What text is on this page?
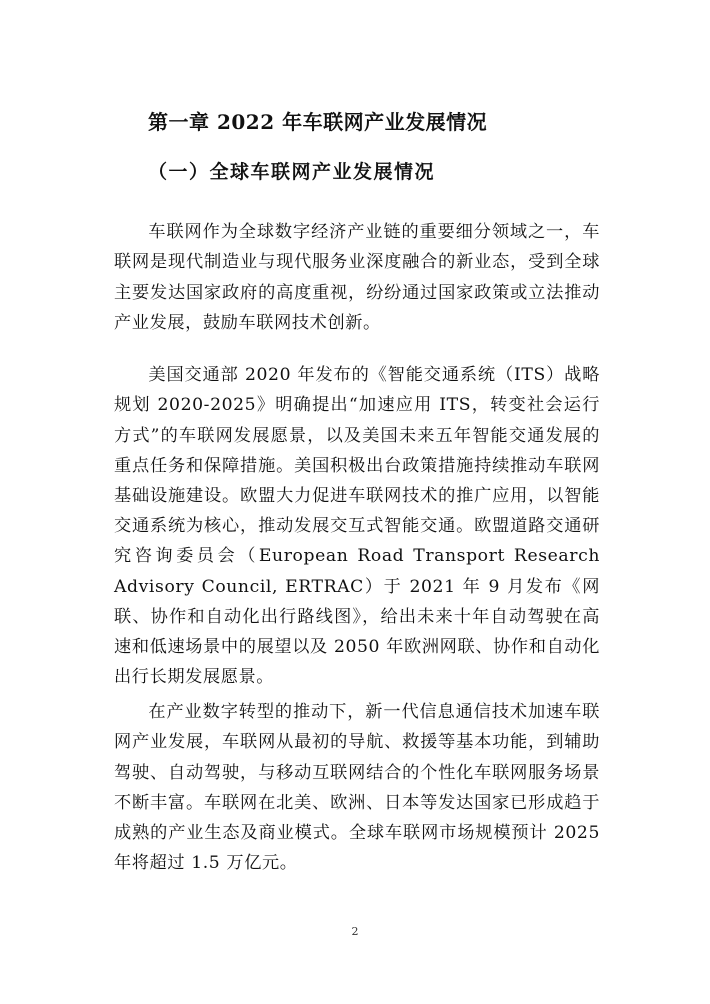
第一章 2022 年车联网产业发展情况
（一）全球车联网产业发展情况

车联网作为全球数字经济产业链的重要细分领域之一，车联网是现代制造业与现代服务业深度融合的新业态，受到全球主要发达国家政府的高度重视，纷纷通过国家政策或立法推动产业发展，鼓励车联网技术创新。

美国交通部 2020 年发布的《智能交通系统（ITS）战略规划 2020-2025》明确提出“加速应用 ITS，转变社会运行方式”的车联网发展愿景，以及美国未来五年智能交通发展的重点任务和保障措施。美国积极出台政策措施持续推动车联网基础设施建设。欧盟大力促进车联网技术的推广应用，以智能交通系统为核心，推动发展交互式智能交通。欧盟道路交通研究咨询委员会（European Road Transport Research Advisory Council, ERTRAC）于 2021 年 9 月发布《网联、协作和自动化出行路线图》，给出未来十年自动驾驶在高速和低速场景中的展望以及 2050 年欧洲网联、协作和自动化出行长期发展愿景。

在产业数字转型的推动下，新一代信息通信技术加速车联网产业发展，车联网从最初的导航、救援等基本功能，到辅助驾驶、自动驾驶，与移动互联网结合的个性化车联网服务场景不断丰富。车联网在北美、欧洲、日本等发达国家已形成趋于成熟的产业生态及商业模式。全球车联网市场规模预计 2025 年将超过 1.5 万亿元。

2
